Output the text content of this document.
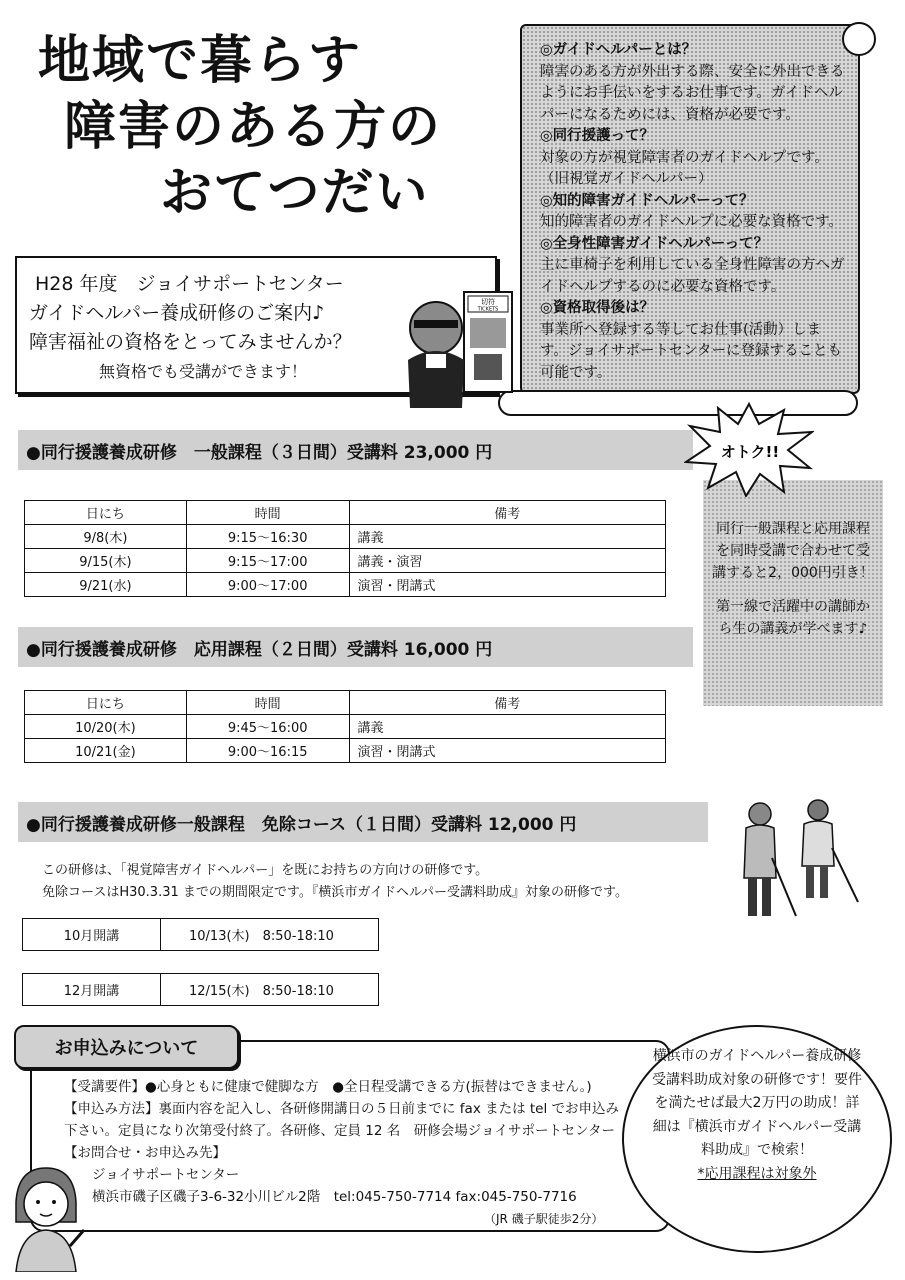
地域で暮らす
障害のある方の
おてつだい

◎ガイドヘルパーとは？

障害のある方が外出する際、安全に外出できるようにお手伝いをするお仕事です。ガイドヘルパーになるためには、資格が必要です。

◎同行援護って？

対象の方が視覚障害者のガイドヘルプです。（旧視覚ガイドヘルパー）

◎知的障害ガイドヘルパーって？

知的障害者のガイドヘルプに必要な資格です。

◎全身性障害ガイドヘルパーって？

主に車椅子を利用している全身性障害の方へガイドヘルプするのに必要な資格です。

◎資格取得後は？

事業所へ登録する等してお仕事(活動）します。ジョイサポートセンターに登録することも可能です。

H28 年度　ジョイサポートセンター
ガイドヘルパー養成研修のご案内♪
障害福祉の資格をとってみませんか？
無資格でも受講ができます！
切符
TICKETS
●同行援護養成研修　一般課程（３日間）受講料 23,000 円
日にち	時間	備考
9/8(木)	9:15〜16:30	講義
9/15(木)	9:15〜17:00	講義・演習
9/21(水)	9:00〜17:00	演習・閉講式

同行一般課程と応用課程を同時受講で合わせて受講すると2，000円引き！

第一線で活躍中の講師から生の講義が学べます♪

オトク!!
●同行援護養成研修　応用課程（２日間）受講料 16,000 円
日にち	時間	備考
10/20(木)	9:45〜16:00	講義
10/21(金)	9:00〜16:15	演習・閉講式
●同行援護養成研修一般課程　免除コース（１日間）受講料 12,000 円
この研修は、「視覚障害ガイドヘルパー」を既にお持ちの方向けの研修です。
免除コースはH30.3.31 までの期間限定です。『横浜市ガイドヘルパー受講料助成』対象の研修です。
10月開講	10/13(木)　8:50-18:10
12月開講	12/15(木)　8:50-18:10
お申込みについて
【受講要件】●心身ともに健康で健脚な方　●全日程受講できる方(振替はできません。)
【申込み方法】裏面内容を記入し、各研修開講日の５日前までに fax または tel でお申込み
下さい。定員になり次第受付終了。各研修、定員 12 名　研修会場ジョイサポートセンター
【お問合せ・お申込み先】
ジョイサポートセンター
横浜市磯子区磯子3-6-32小川ビル2階　tel:045-750-7714 fax:045-750-7716
（JR 磯子駅徒歩2分）

横浜市のガイドヘルパー養成研修受講料助成対象の研修です！要件を満たせば最大2万円の助成！詳細は『横浜市ガイドヘルパー受講料助成』で検索！

*応用課程は対象外
